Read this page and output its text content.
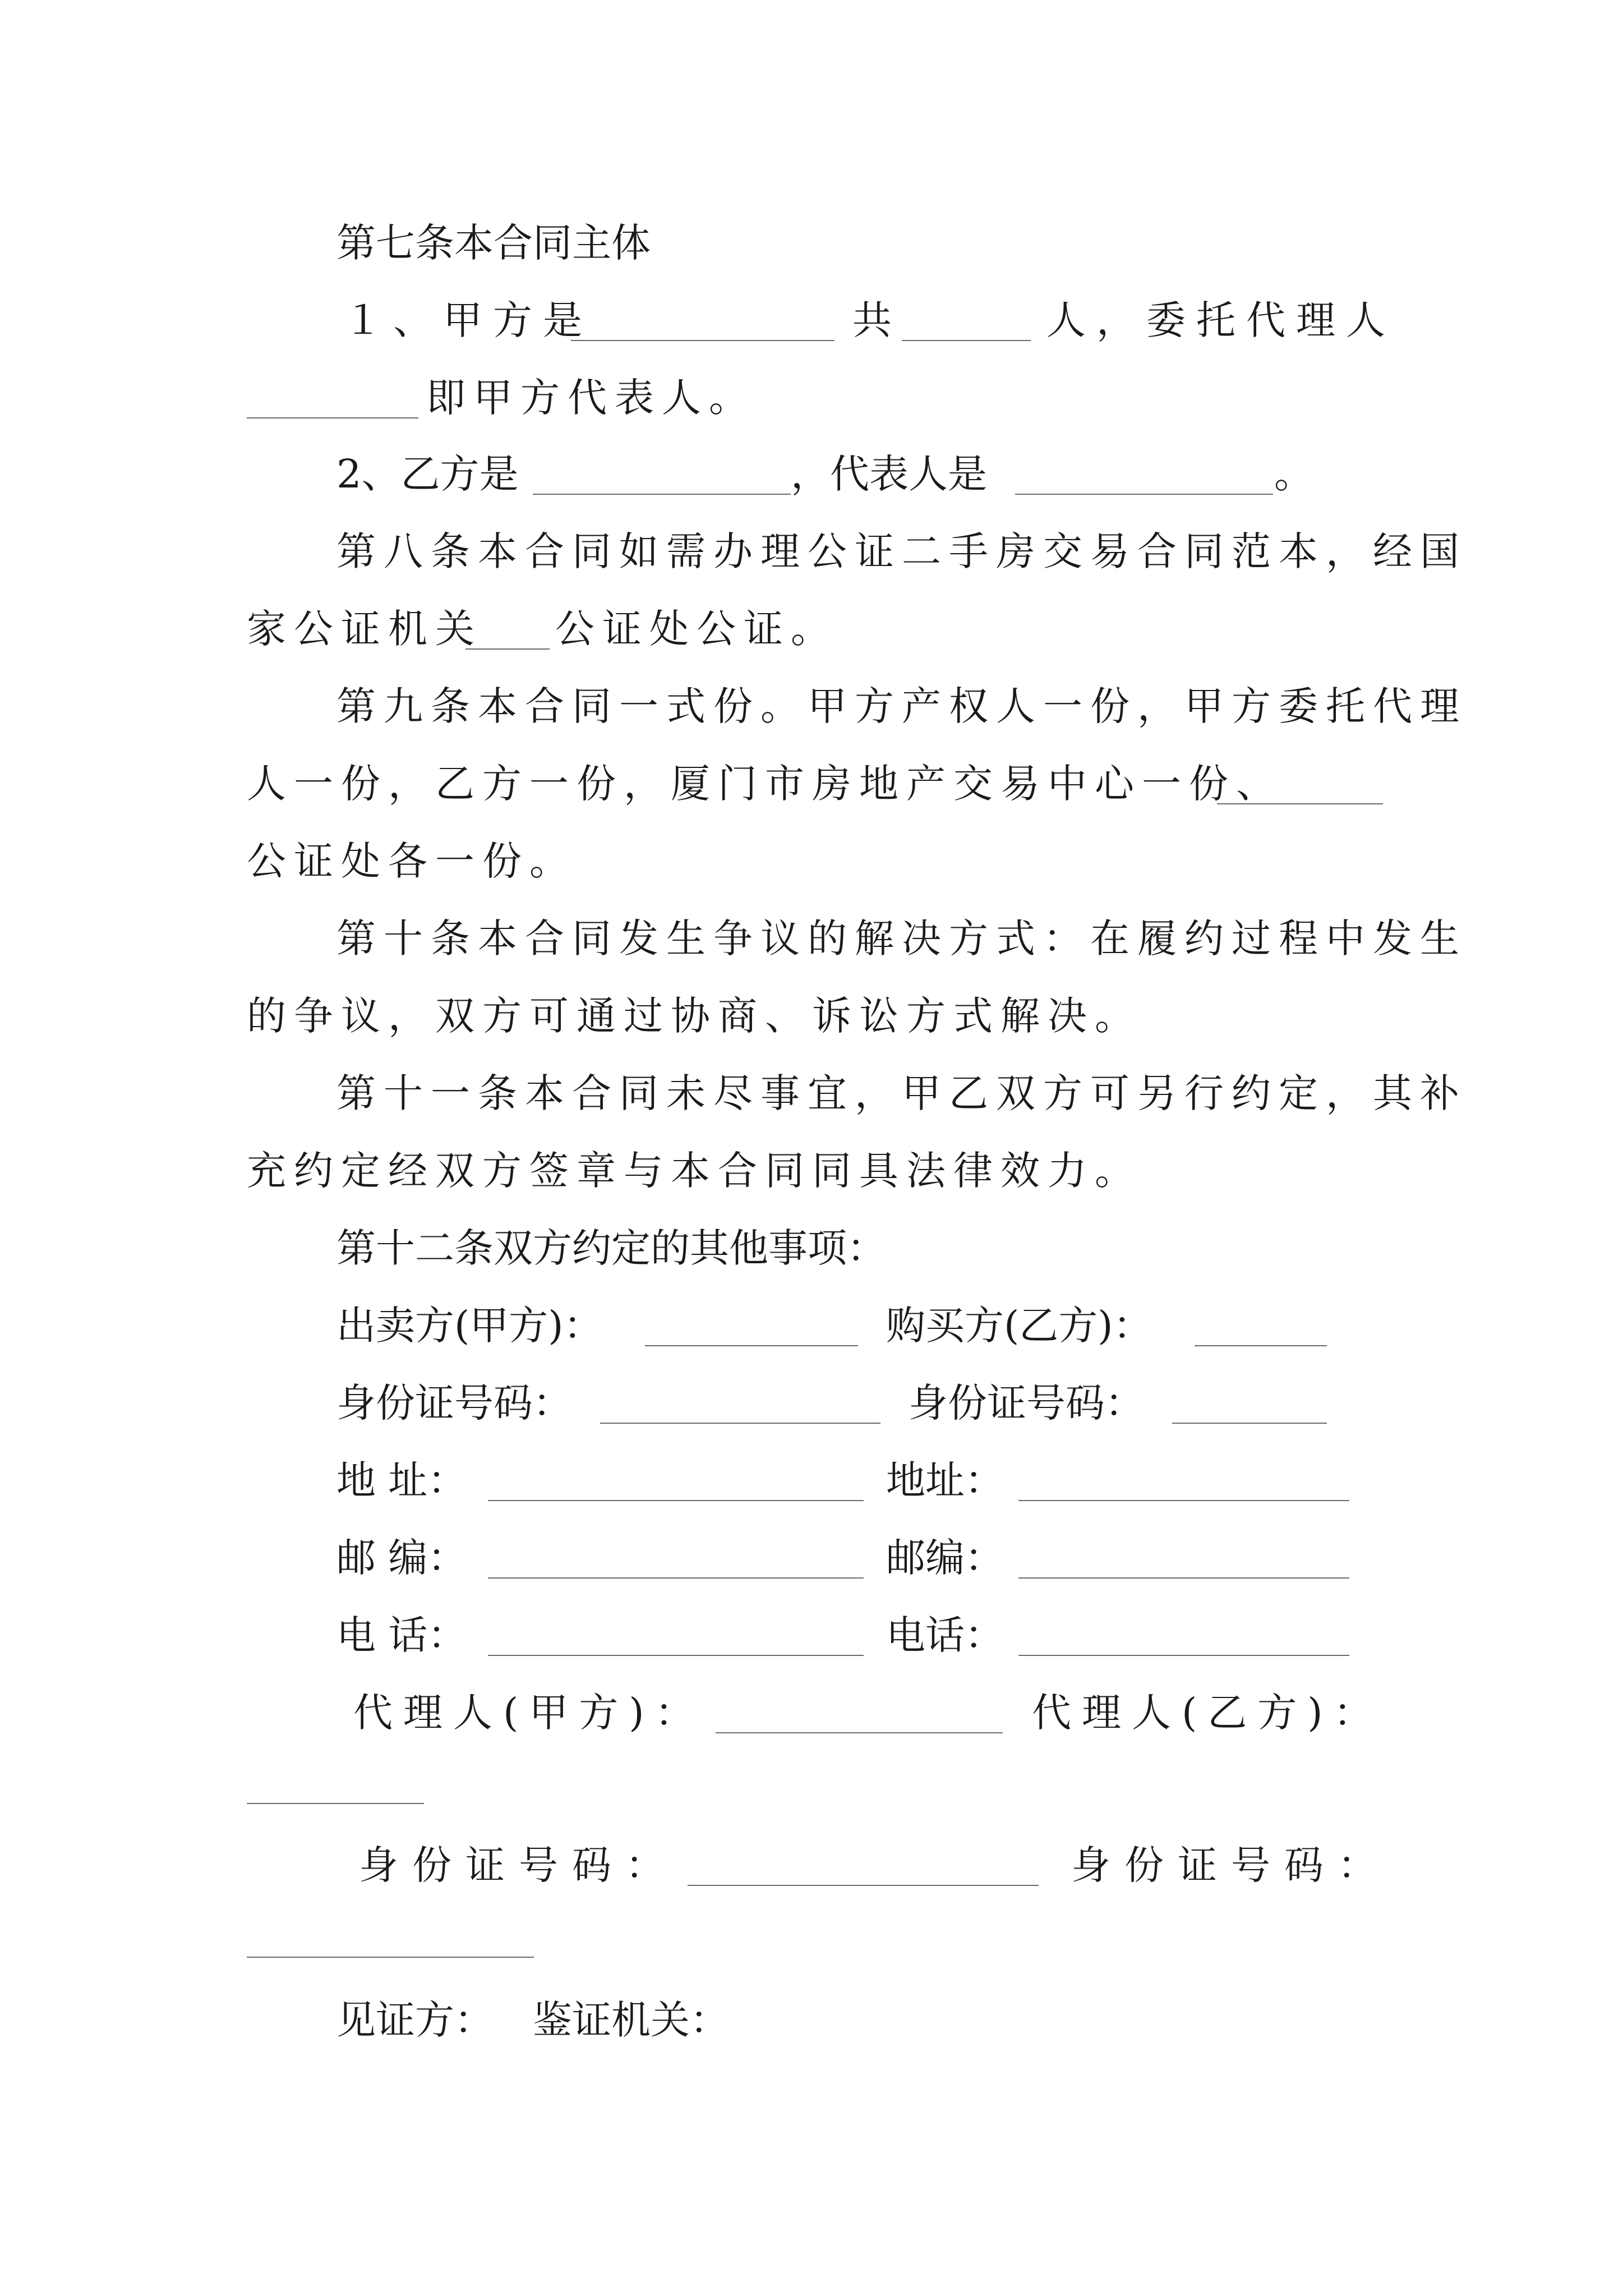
第七条本合同主体
１、甲方是	共	人，委托代理人
即甲方代表人。
2、乙方是	，代表人是	。
第八条本合同如需办理公证二手房交易合同范本，经国
家公证机关 公证处公证。
第九条本合同一式份。甲方产权人一份，甲方委托代理
人一份，乙方一份，厦门市房地产交易中心一份、
公证处各一份。
第十条本合同发生争议的解决方式：在履约过程中发生
的争议，双方可通过协商、诉讼方式解决。
第十一条本合同未尽事宜，甲乙双方可另行约定，其补
充约定经双方签章与本合同同具法律效力。
第十二条双方约定的其他事项：
出卖方(甲方)：	购买方(乙方)：
身份证号码：	身份证号码：
地 址：	地址：
邮 编：	邮编：
电 话：	电话：
代理人(甲方)：	代理人(乙方)：
身份证号码：	身份证号码：
见证方： 鉴证机关：
